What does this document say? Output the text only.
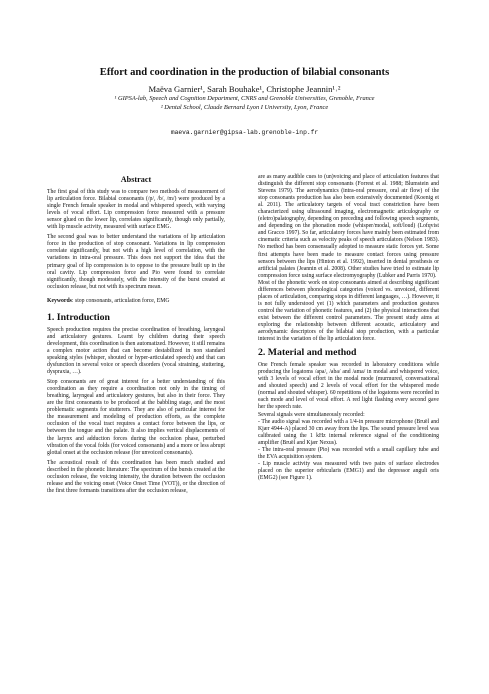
Effort and coordination in the production of bilabial consonants
Maëva Garnier¹, Sarah Bouhake¹, Christophe Jeannin¹˒²
¹ GIPSA-lab, Speech and Cognition Department, CNRS and Grenoble Universities, Grenoble, France
² Dental School, Claude Bernard Lyon I University, Lyon, France
maeva.garnier@gipsa-lab.grenoble-inp.fr
Abstract

The first goal of this study was to compare two methods of measurement of lip articulation force. Bilabial consonants (/p/, /b/, /m/) were produced by a single French female speaker in modal and whispered speech, with varying levels of vocal effort. Lip compression force measured with a pressure sensor glued on the lower lip, correlates significantly, though only partially, with lip muscle activity, measured with surface EMG.

The second goal was to better understand the variations of lip articulation force in the production of stop consonant. Variations in lip compression correlate significantly, but not with a high level of correlation, with the variations in intra-oral pressure. This does not support the idea that the primary goal of lip compression is to oppose to the pressure built up in the oral cavity. Lip compression force and Pio were found to correlate significantly, though moderately, with the intensity of the burst created at occlusion release, but not with its spectrum mean.

Keywords: stop consonants, articulation force, EMG

1. Introduction

Speech production requires the precise coordination of breathing, laryngeal and articulatory gestures. Learnt by children during their speech development, this coordination is then automatized. However, it still remains a complex motor action that can become destabilized in non standard speaking styles (whisper, shouted or hyper-articulated speech) and that can dysfunction in several voice or speech disorders (vocal straining, stuttering, dyspraxia, …).

Stop consonants are of great interest for a better understanding of this coordination as they require a coordination not only in the timing of breathing, laryngeal and articulatory gestures, but also in their force. They are the first consonants to be produced at the babbling stage, and the most problematic segments for stutterers. They are also of particular interest for the measurement and modeling of production efforts, as the complete occlusion of the vocal tract requires a contact force between the lips, or between the tongue and the palate. It also implies vertical displacements of the larynx and adduction forces during the occlusion phase, perturbed vibration of the vocal folds (for voiced consonants) and a more or less abrupt glottal onset at the occlusion release (for unvoiced consonants).

The acoustical result of this coordination has been much studied and described in the phonetic literature: The spectrum of the bursts created at the occlusion release, the voicing intensity, the duration between the occlusion release and the voicing onset (Voice Onset Time (VOT)), or the direction of the first three formants transitions after the occlusion release,

are as many audible cues to (un)voicing and place of articulation features that distinguish the different stop consonants (Forrest et al. 1988; Blumstein and Stevens 1979). The aerodynamics (intra-oral pressure, oral air flow) of the stop consonants production has also been extensively documented (Koenig et al. 2011). The articulatory targets of vocal tract constriction have been characterized using ultrasound imaging, electromagnetic articulography or (eletro)palatography, depending on preceding and following speech segments, and depending on the phonation mode (whisper/modal, soft/loud) (Lofqvist and Gracco 1997). So far, articulatory forces have mainly been estimated from cinematic criteria such as velocity peaks of speech articulators (Nelson 1983). No method has been consensually adopted to measure static forces yet. Some first attempts have been made to measure contact forces using pressure sensors between the lips (Hinton et al. 1992), inserted in dental prosthesis or artificial palates (Jeannin et al. 2008). Other studies have tried to estimate lip compression force using surface electromyography (Lubker and Parris 1970).

Most of the phonetic work on stop consonants aimed at describing significant differences between phonological categories (voiced vs. unvoiced, different places of articulation, comparing stops in different languages, …). However, it is not fully understood yet (1) which parameters and production gestures control the variation of phonetic features, and (2) the physical interactions that exist between the different control parameters. The present study aims at exploring the relationship between different acoustic, articulatory and aerodynamic descriptors of the bilabial stop production, with a particular interest in the variation of the lip articulation force.

2. Material and method

One French female speaker was recorded in laboratory conditions while producing the logatoms /apa/, /aba/ and /ama/ in modal and whispered voice, with 3 levels of vocal effort in the modal mode (murmured, conversational and shouted speech) and 2 levels of vocal effort for the whispered mode (normal and shouted whisper). 60 repetitions of the logatoms were recorded in each mode and level of vocal effort. A red light flashing every second gave her the speech rate.

Several signals were simultaneously recorded:

- The audio signal was recorded with a 1/4-in pressure microphone (Bruël and Kjær 4944-A) placed 30 cm away from the lips. The sound pressure level was calibrated using the 1 kHz internal reference signal of the conditioning amplifier (Bruël and Kjær Nexus).

- The intra-oral pressure (Pio) was recorded with a small capillary tube and the EVA acquisition system.

- Lip muscle activity was measured with two pairs of surface electrodes placed on the superior orbicularis (EMG1) and the depressor anguli oris (EMG2) (see Figure 1).
